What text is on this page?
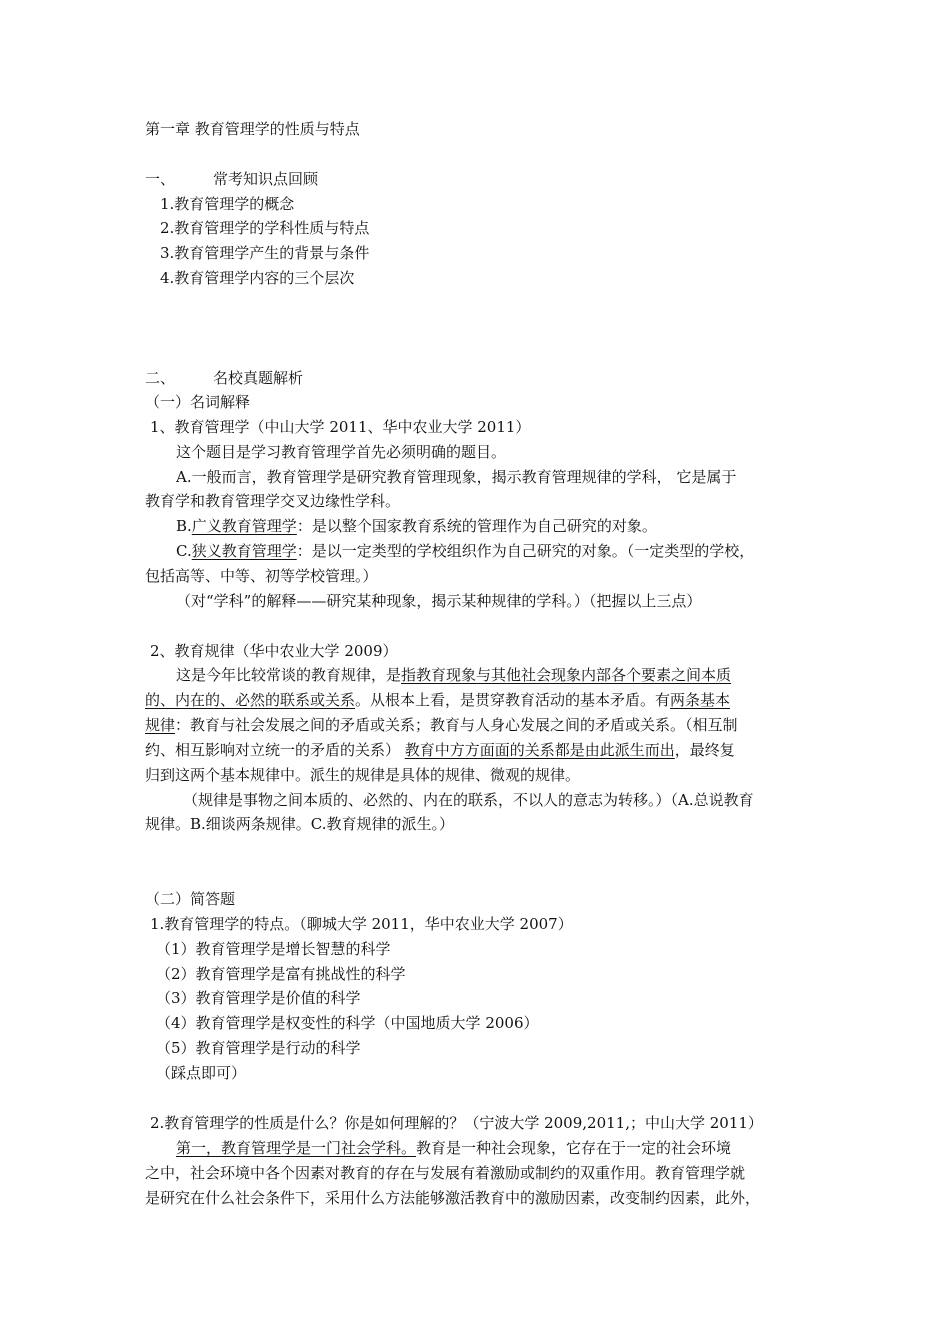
第一章 教育管理学的性质与特点
一、	常考知识点回顾
1.教育管理学的概念
2.教育管理学的学科性质与特点
3.教育管理学产生的背景与条件
4.教育管理学内容的三个层次
二、	名校真题解析
（一）名词解释
1、教育管理学（中山大学 2011、华中农业大学 2011）
这个题目是学习教育管理学首先必须明确的题目。
A.一般而言，教育管理学是研究教育管理现象，揭示教育管理规律的学科， 它是属于
教育学和教育管理学交叉边缘性学科。
B.广义教育管理学：是以整个国家教育系统的管理作为自己研究的对象。
C.狭义教育管理学：是以一定类型的学校组织作为自己研究的对象。（一定类型的学校，
包括高等、中等、初等学校管理。）
（对“学科”的解释——研究某种现象，揭示某种规律的学科。）（把握以上三点）
2、教育规律（华中农业大学 2009）
这是今年比较常谈的教育规律，是指教育现象与其他社会现象内部各个要素之间本质
的、内在的、必然的联系或关系。从根本上看，是贯穿教育活动的基本矛盾。有两条基本
规律：教育与社会发展之间的矛盾或关系；教育与人身心发展之间的矛盾或关系。（相互制
约、相互影响对立统一的矛盾的关系） 教育中方方面面的关系都是由此派生而出，最终复
归到这两个基本规律中。派生的规律是具体的规律、微观的规律。
（规律是事物之间本质的、必然的、内在的联系，不以人的意志为转移。）（A.总说教育
规律。B.细谈两条规律。C.教育规律的派生。）
（二）简答题
1.教育管理学的特点。（聊城大学 2011，华中农业大学 2007）
（1）教育管理学是增长智慧的科学
（2）教育管理学是富有挑战性的科学
（3）教育管理学是价值的科学
（4）教育管理学是权变性的科学（中国地质大学 2006）
（5）教育管理学是行动的科学
（踩点即可）
2.教育管理学的性质是什么？你是如何理解的？（宁波大学 2009,2011,；中山大学 2011）
第一，教育管理学是一门社会学科。教育是一种社会现象，它存在于一定的社会环境
之中，社会环境中各个因素对教育的存在与发展有着激励或制约的双重作用。教育管理学就
是研究在什么社会条件下，采用什么方法能够激活教育中的激励因素，改变制约因素，此外，
